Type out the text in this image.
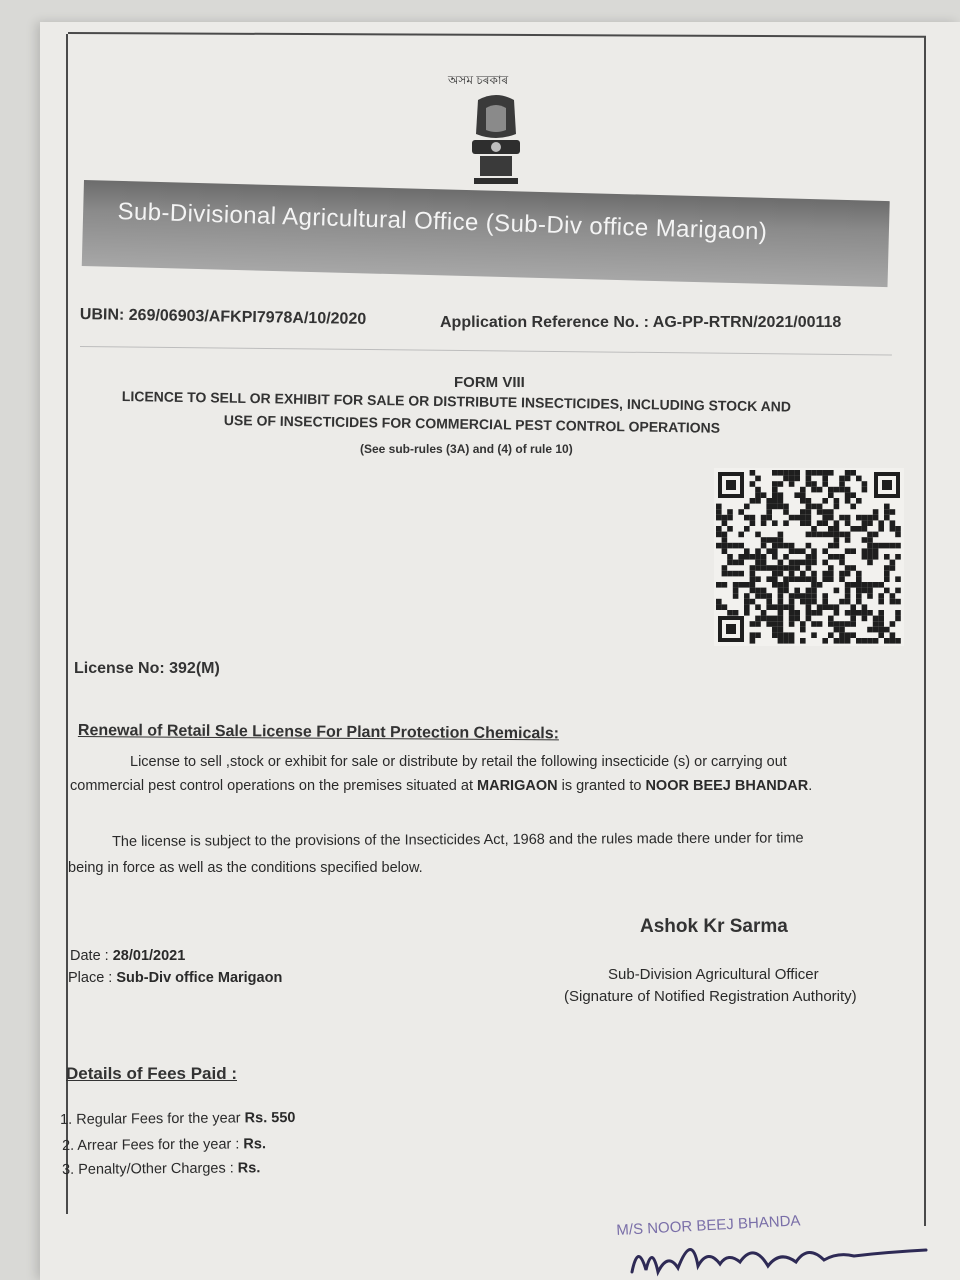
অসম চৰকাৰ
Sub-Divisional Agricultural Office (Sub-Div office Marigaon)
UBIN: 269/06903/AFKPI7978A/10/2020	Application Reference No. : AG-PP-RTRN/2021/00118
FORM VIII
LICENCE TO SELL OR EXHIBIT FOR SALE OR DISTRIBUTE INSECTICIDES, INCLUDING STOCK AND
USE OF INSECTICIDES FOR COMMERCIAL PEST CONTROL OPERATIONS
(See sub-rules (3A) and (4) of rule 10)
License No: 392(M)
Renewal of Retail Sale License For Plant Protection Chemicals:
License to sell ,stock or exhibit for sale or distribute by retail the following insecticide (s) or carrying out
commercial pest control operations on the premises situated at MARIGAON is granted to NOOR BEEJ BHANDAR.
The license is subject to the provisions of the Insecticides Act, 1968 and the rules made there under for time
being in force as well as the conditions specified below.
Ashok Kr Sarma
Sub-Division Agricultural Officer
(Signature of Notified Registration Authority)
Date : 28/01/2021
Place : Sub-Div office Marigaon
Details of Fees Paid :
1. Regular Fees for the year Rs. 550
2. Arrear Fees for the year : Rs.
3. Penalty/Other Charges : Rs.
M/S NOOR BEEJ BHANDA
